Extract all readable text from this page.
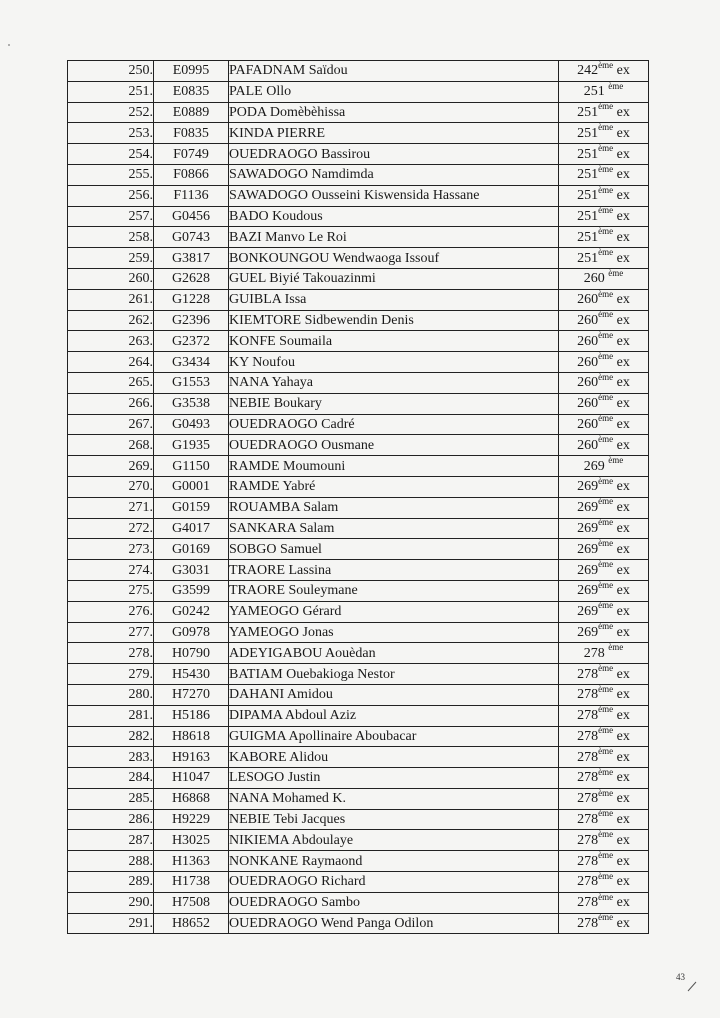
250.	E0995	PAFADNAM Saïdou	242ème ex
251.	E0835	PALE Ollo	251 $^{ème}$
252.	E0889	PODA Domèbèhissa	251ème ex
253.	F0835	KINDA PIERRE	251ème ex
254.	F0749	OUEDRAOGO Bassirou	251ème ex
255.	F0866	SAWADOGO Namdimda	251ème ex
256.	F1136	SAWADOGO Ousseini Kiswensida Hassane	251ème ex
257.	G0456	BADO Koudous	251ème ex
258.	G0743	BAZI Manvo Le Roi	251ème ex
259.	G3817	BONKOUNGOU Wendwaoga Issouf	251ème ex
260.	G2628	GUEL Biyié Takouazinmi	260 $^{ème}$
261.	G1228	GUIBLA Issa	260ème ex
262.	G2396	KIEMTORE Sidbewendin Denis	260ème ex
263.	G2372	KONFE Soumaila	260ème ex
264.	G3434	KY Noufou	260ème ex
265.	G1553	NANA Yahaya	260ème ex
266.	G3538	NEBIE Boukary	260ème ex
267.	G0493	OUEDRAOGO Cadré	260ème ex
268.	G1935	OUEDRAOGO Ousmane	260ème ex
269.	G1150	RAMDE Moumouni	269 $^{ème}$
270.	G0001	RAMDE Yabré	269ème ex
271.	G0159	ROUAMBA Salam	269ème ex
272.	G4017	SANKARA Salam	269ème ex
273.	G0169	SOBGO Samuel	269ème ex
274.	G3031	TRAORE Lassina	269ème ex
275.	G3599	TRAORE Souleymane	269ème ex
276.	G0242	YAMEOGO Gérard	269ème ex
277.	G0978	YAMEOGO Jonas	269ème ex
278.	H0790	ADEYIGABOU Aouèdan	278 $^{ème}$
279.	H5430	BATIAM Ouebakioga Nestor	278ème ex
280.	H7270	DAHANI Amidou	278ème ex
281.	H5186	DIPAMA Abdoul Aziz	278ème ex
282.	H8618	GUIGMA Apollinaire Aboubacar	278ème ex
283.	H9163	KABORE Alidou	278ème ex
284.	H1047	LESOGO Justin	278ème ex
285.	H6868	NANA Mohamed K.	278ème ex
286.	H9229	NEBIE Tebi Jacques	278ème ex
287.	H3025	NIKIEMA Abdoulaye	278ème ex
288.	H1363	NONKANE Raymaond	278ème ex
289.	H1738	OUEDRAOGO Richard	278ème ex
290.	H7508	OUEDRAOGO Sambo	278ème ex
291.	H8652	OUEDRAOGO Wend Panga Odilon	278ème ex
43
